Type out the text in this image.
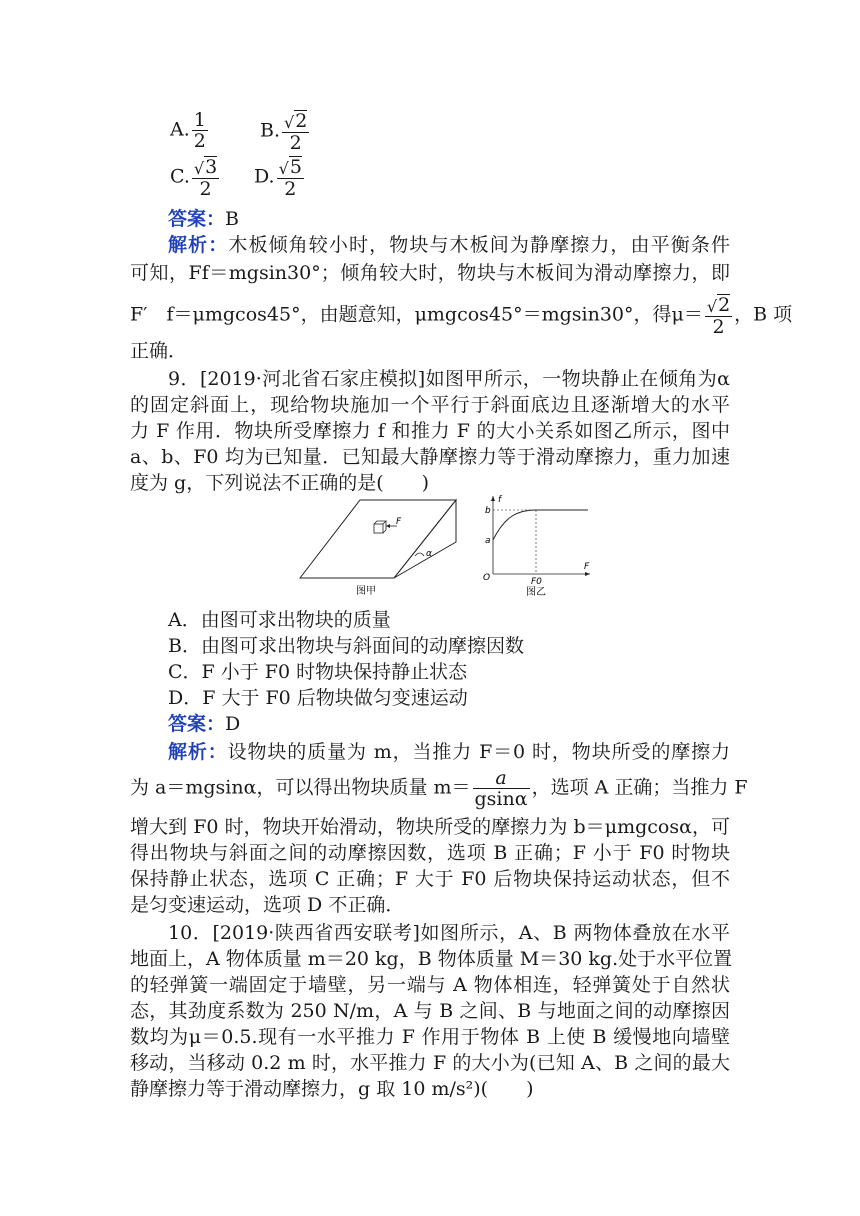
A. $\frac{1}{2}$	B. $\frac{√2}{2}$
C. $\frac{√3}{2} D$. $\frac{√5}{2}$
答案：B
解析：木板倾角较小时，物块与木板间为静摩擦力，由平衡条件
可知，Ff＝mgsin30°；倾角较大时，物块与木板间为滑动摩擦力，即
F′　f＝μmgcos45°，由题意知，μmgcos45°＝mgsin30°，得$\mu= \frac{√2}{2}$ ，B 项
正确．
9．[2019·河北省石家庄模拟]如图甲所示，一物块静止在倾角为α
的固定斜面上，现给物块施加一个平行于斜面底边且逐渐增大的水平
力 F 作用．物块所受摩擦力 f 和推力 F 的大小关系如图乙所示，图中
a、b、F0 均为已知量．已知最大静摩擦力等于滑动摩擦力，重力加速
度为 g，下列说法不正确的是(　　)
F
α
图甲
f
F
O
b
a
F0
图乙
A．由图可求出物块的质量
B．由图可求出物块与斜面间的动摩擦因数
C．F 小于 F0 时物块保持静止状态
D．F 大于 F0 后物块做匀变速运动
答案：D
解析：设物块的质量为 m，当推力 F＝0 时，物块所受的摩擦力
为 a＝mgsinα，可以得出物块质量 $m= \frac{a}{gsin\alpha}$ ，选项 A 正确；当推力 F
增大到 F0 时，物块开始滑动，物块所受的摩擦力为 b＝μmgcosα，可
得出物块与斜面之间的动摩擦因数，选项 B 正确；F 小于 F0 时物块
保持静止状态，选项 C 正确；F 大于 F0 后物块保持运动状态，但不
是匀变速运动，选项 D 不正确．
10．[2019·陕西省西安联考]如图所示，A、B 两物体叠放在水平
地面上，A 物体质量 m＝20 kg，B 物体质量 M＝30 kg.处于水平位置
的轻弹簧一端固定于墙壁，另一端与 A 物体相连，轻弹簧处于自然状
态，其劲度系数为 250 N/m，A 与 B 之间、B 与地面之间的动摩擦因
数均为μ＝0.5.现有一水平推力 F 作用于物体 B 上使 B 缓慢地向墙壁
移动，当移动 0.2 m 时，水平推力 F 的大小为(已知 A、B 之间的最大
静摩擦力等于滑动摩擦力，g 取 10 m/s²)(　　)
